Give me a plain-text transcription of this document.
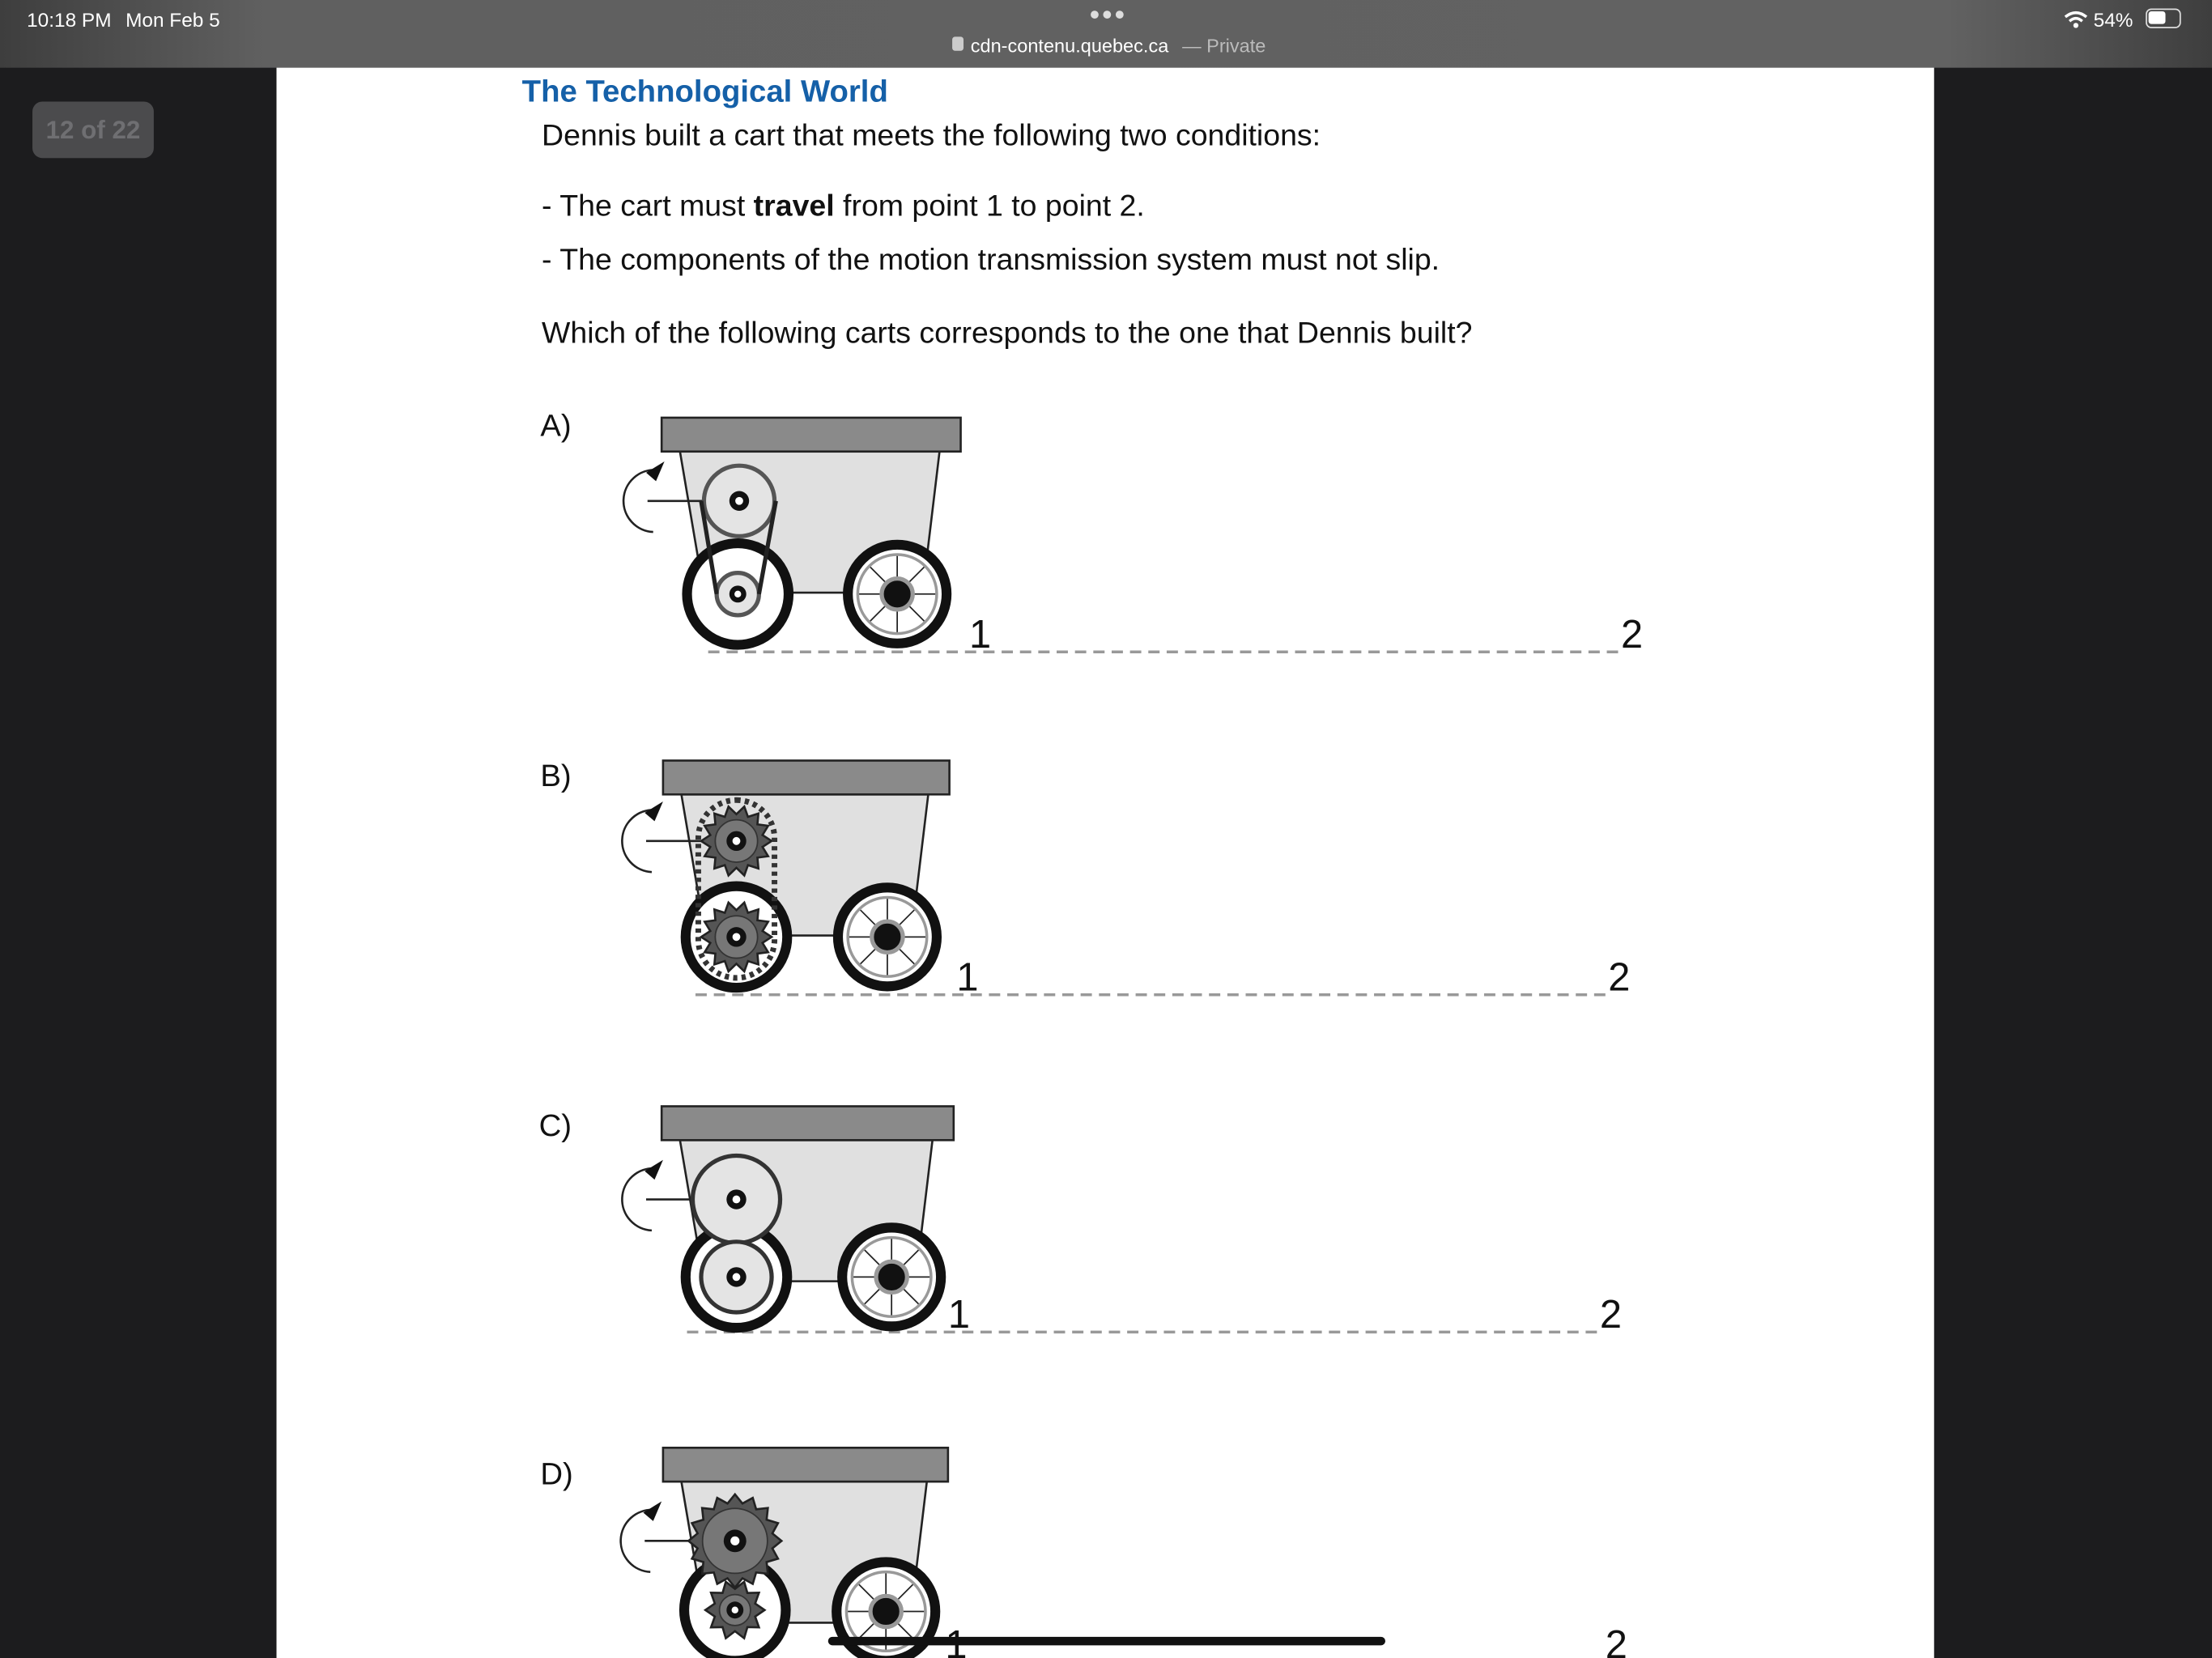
The Technological World
Dennis built a cart that meets the following two conditions:
- The cart must travel from point 1 to point 2.
- The components of the motion transmission system must not slip.
Which of the following carts corresponds to the one that Dennis built?
A)
B)
C)
D)
1	2
1	2
1	2
2
12 of 22
10:18 PM Mon Feb 5	●●●
cdn-contenu.quebec.ca — Private
54%
